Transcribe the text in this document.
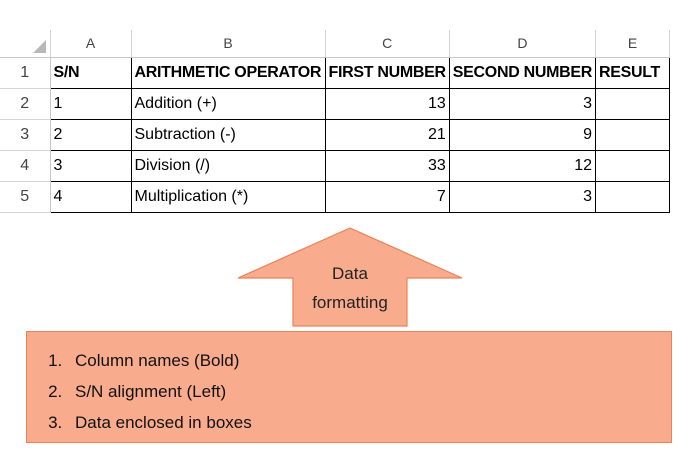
	A	B	C	D	E
1	S/N	ARITHMETIC OPERATOR	FIRST NUMBER	SECOND NUMBER	RESULT
2	1	Addition (+)	13	3	
3	2	Subtraction (-)	21	9	
4	3	Division (/)	33	12	
5	4	Multiplication (*)	7	3	
Data
formatting
1. Column names (Bold)
2. S/N alignment (Left)
3. Data enclosed in boxes
